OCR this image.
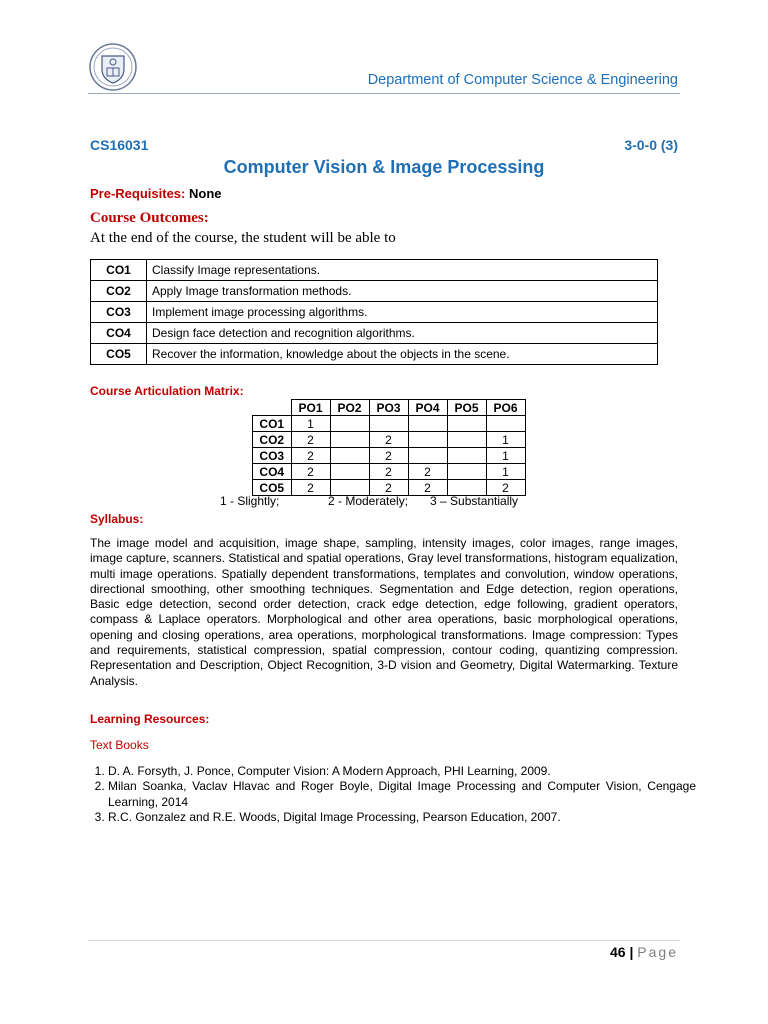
Department of Computer Science & Engineering
CS16031	3-0-0 (3)
Computer Vision & Image Processing
Pre-Requisites: None
Course Outcomes:
At the end of the course, the student will be able to
CO1	Classify Image representations.
CO2	Apply Image transformation methods.
CO3	Implement image processing algorithms.
CO4	Design face detection and recognition algorithms.
CO5	Recover the information, knowledge about the objects in the scene.
Course Articulation Matrix:
	PO1	PO2	PO3	PO4	PO5	PO6
CO1	1					
CO2	2		2			1
CO3	2		2			1
CO4	2		2	2		1
CO5	2		2	2		2
1 - Slightly;	2 - Moderately; 3 – Substantially
Syllabus:

The image model and acquisition, image shape, sampling, intensity images, color images, range images, image capture, scanners. Statistical and spatial operations, Gray level transformations, histogram equalization, multi image operations. Spatially dependent transformations, templates and convolution, window operations, directional smoothing, other smoothing techniques. Segmentation and Edge detection, region operations, Basic edge detection, second order detection, crack edge detection, edge following, gradient operators, compass & Laplace operators. Morphological and other area operations, basic morphological operations, opening and closing operations, area operations, morphological transformations. Image compression: Types and requirements, statistical compression, spatial compression, contour coding, quantizing compression. Representation and Description, Object Recognition, 3-D vision and Geometry, Digital Watermarking. Texture Analysis.

Learning Resources:
Text Books
1. D. A. Forsyth, J. Ponce, Computer Vision: A Modern Approach, PHI Learning, 2009.
2. Milan Soanka, Vaclav Hlavac and Roger Boyle, Digital Image Processing and Computer Vision, Cengage Learning, 2014
3. R.C. Gonzalez and R.E. Woods, Digital Image Processing, Pearson Education, 2007.
46 | Page
